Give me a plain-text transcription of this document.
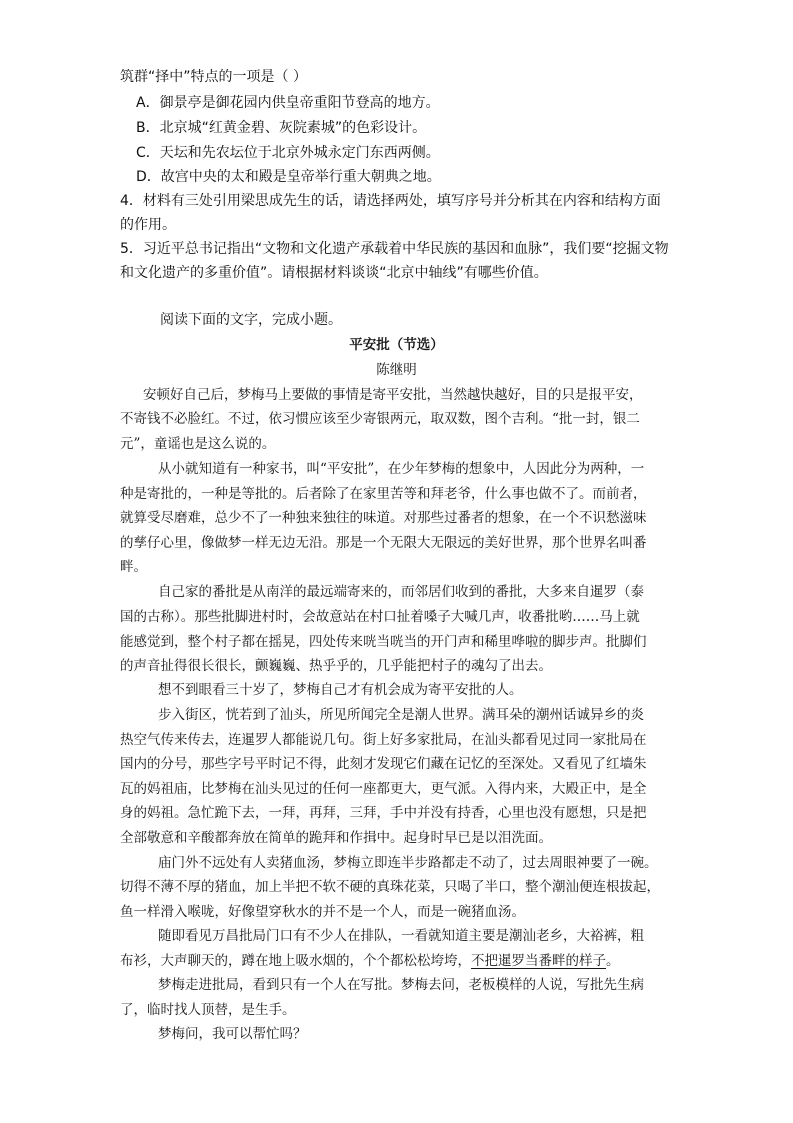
筑群“择中”特点的一项是（ ）

A．御景亭是御花园内供皇帝重阳节登高的地方。

B．北京城“红黄金碧、灰院素城”的色彩设计。

C．天坛和先农坛位于北京外城永定门东西两侧。

D．故宫中央的太和殿是皇帝举行重大朝典之地。

4．材料有三处引用梁思成先生的话，请选择两处，填写序号并分析其在内容和结构方面

的作用。

5．习近平总书记指出“文物和文化遗产承载着中华民族的基因和血脉”，我们要“挖掘文物

和文化遗产的多重价值”。请根据材料谈谈“北京中轴线”有哪些价值。

阅读下面的文字，完成小题。

平安批（节选）

陈继明

安顿好自己后，梦梅马上要做的事情是寄平安批，当然越快越好，目的只是报平安，

不寄钱不必脸红。不过，依习惯应该至少寄银两元，取双数，图个吉利。“批一封，银二

元”，童谣也是这么说的。

从小就知道有一种家书，叫“平安批”，在少年梦梅的想象中，人因此分为两种，一

种是寄批的，一种是等批的。后者除了在家里苦等和拜老爷，什么事也做不了。而前者，

就算受尽磨难，总少不了一种独来独往的味道。对那些过番者的想象，在一个不识愁滋味

的孳仔心里，像做梦一样无边无沿。那是一个无限大无限远的美好世界，那个世界名叫番

畔。

自己家的番批是从南洋的最远端寄来的，而邻居们收到的番批，大多来自暹罗（泰

国的古称）。那些批脚进村时，会故意站在村口扯着嗓子大喊几声，收番批哟……马上就

能感觉到，整个村子都在摇晃，四处传来咣当咣当的开门声和稀里哗啦的脚步声。批脚们

的声音扯得很长很长，颤巍巍、热乎乎的，几乎能把村子的魂勾了出去。

想不到眼看三十岁了，梦梅自己才有机会成为寄平安批的人。

步入街区，恍若到了汕头，所见所闻完全是潮人世界。满耳朵的潮州话诚异乡的炎

热空气传来传去，连暹罗人都能说几句。街上好多家批局，在汕头都看见过同一家批局在

国内的分号，那些字号平时记不得，此刻才发现它们藏在记忆的至深处。又看见了红墙朱

瓦的妈祖庙，比梦梅在汕头见过的任何一座都更大，更气派。入得内来，大殿正中，是全

身的妈祖。急忙跪下去，一拜，再拜，三拜，手中并没有持香，心里也没有愿想，只是把

全部敬意和辛酸都奔放在简单的跪拜和作揖中。起身时早已是以泪洗面。

庙门外不远处有人卖猪血汤，梦梅立即连半步路都走不动了，过去周眼神要了一碗。

切得不薄不厚的猪血，加上半把不软不硬的真珠花菜，只喝了半口，整个潮汕便连根拔起，

鱼一样滑入喉咙，好像望穿秋水的并不是一个人，而是一碗猪血汤。

随即看见万昌批局门口有不少人在排队，一看就知道主要是潮汕老乡，大裕裤，粗

布衫，大声聊天的，蹲在地上吸水烟的，个个都松松垮垮，不把暹罗当番畔的样子。

梦梅走进批局，看到只有一个人在写批。梦梅去问，老板模样的人说，写批先生病

了，临时找人顶替，是生手。

梦梅问，我可以帮忙吗？
